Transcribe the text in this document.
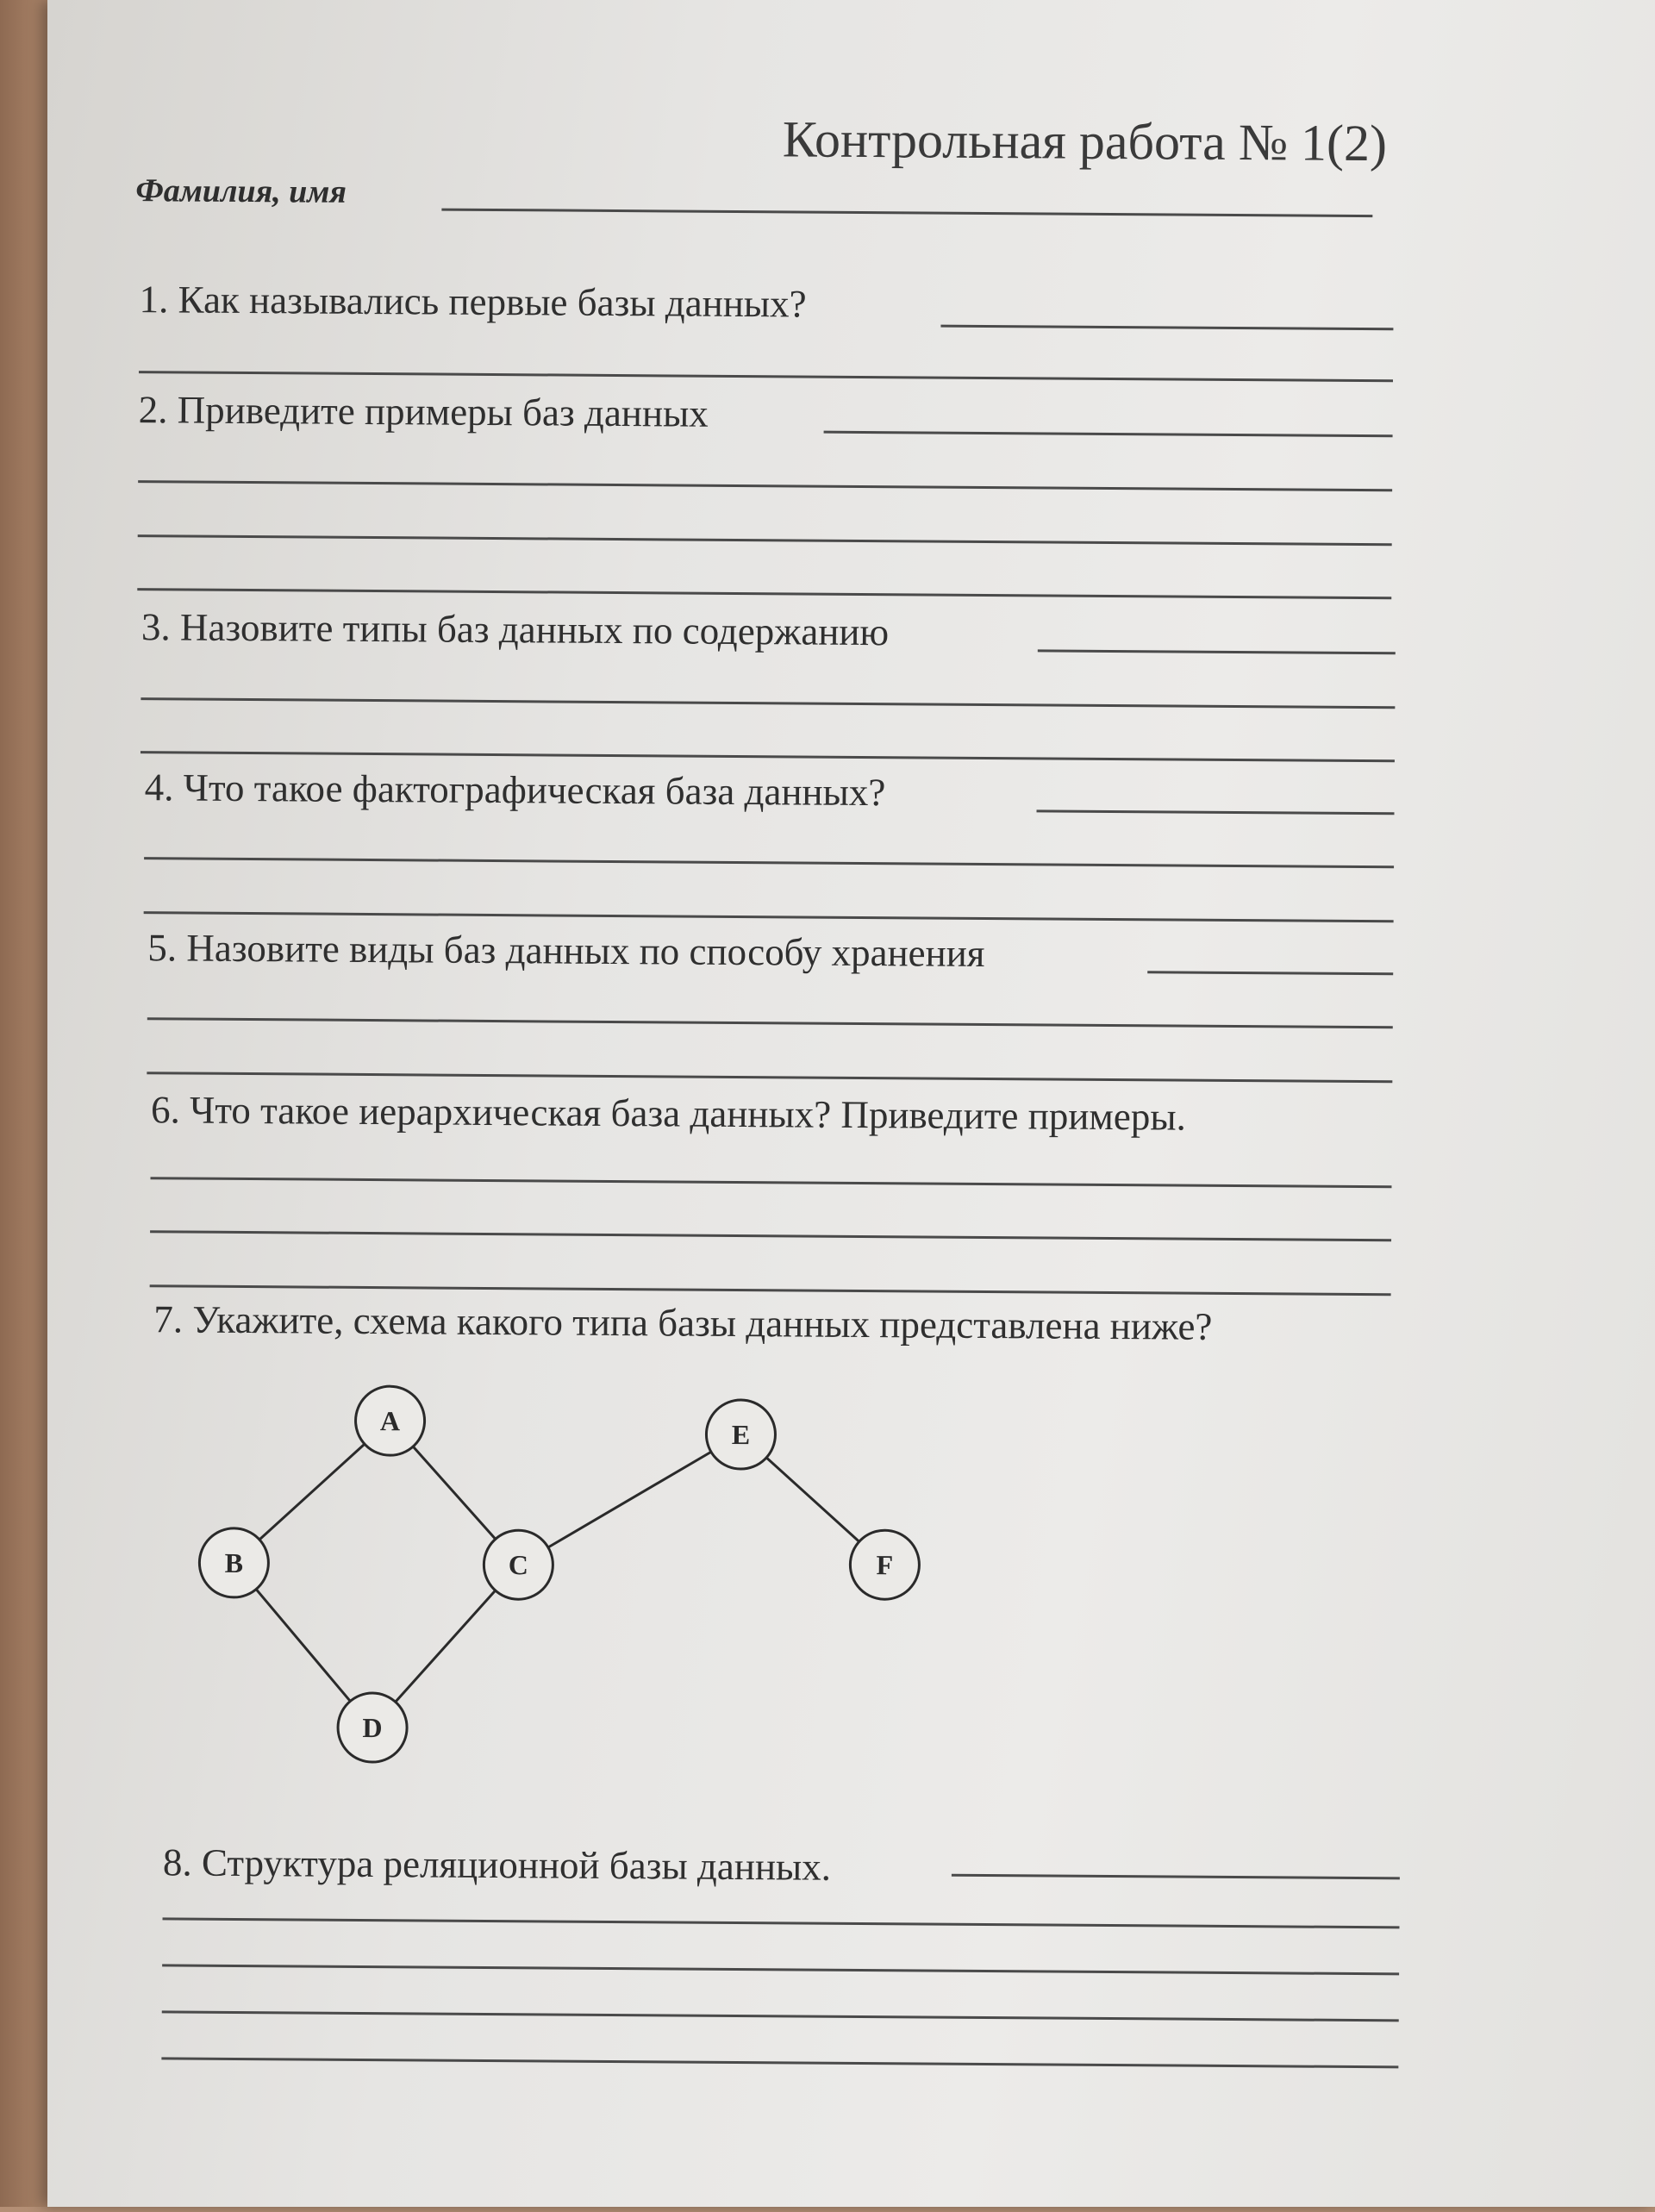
Контрольная работа № 1(2)
Фамилия, имя
1. Как назывались первые базы данных?
2. Приведите примеры баз данных
3. Назовите типы баз данных по содержанию
4. Что такое фактографическая база данных?
5. Назовите виды баз данных по способу хранения
6. Что такое иерархическая база данных? Приведите примеры.
7. Укажите, схема какого типа базы данных представлена ниже?
A
B	C
D
E
F
8. Структура реляционной базы данных.
